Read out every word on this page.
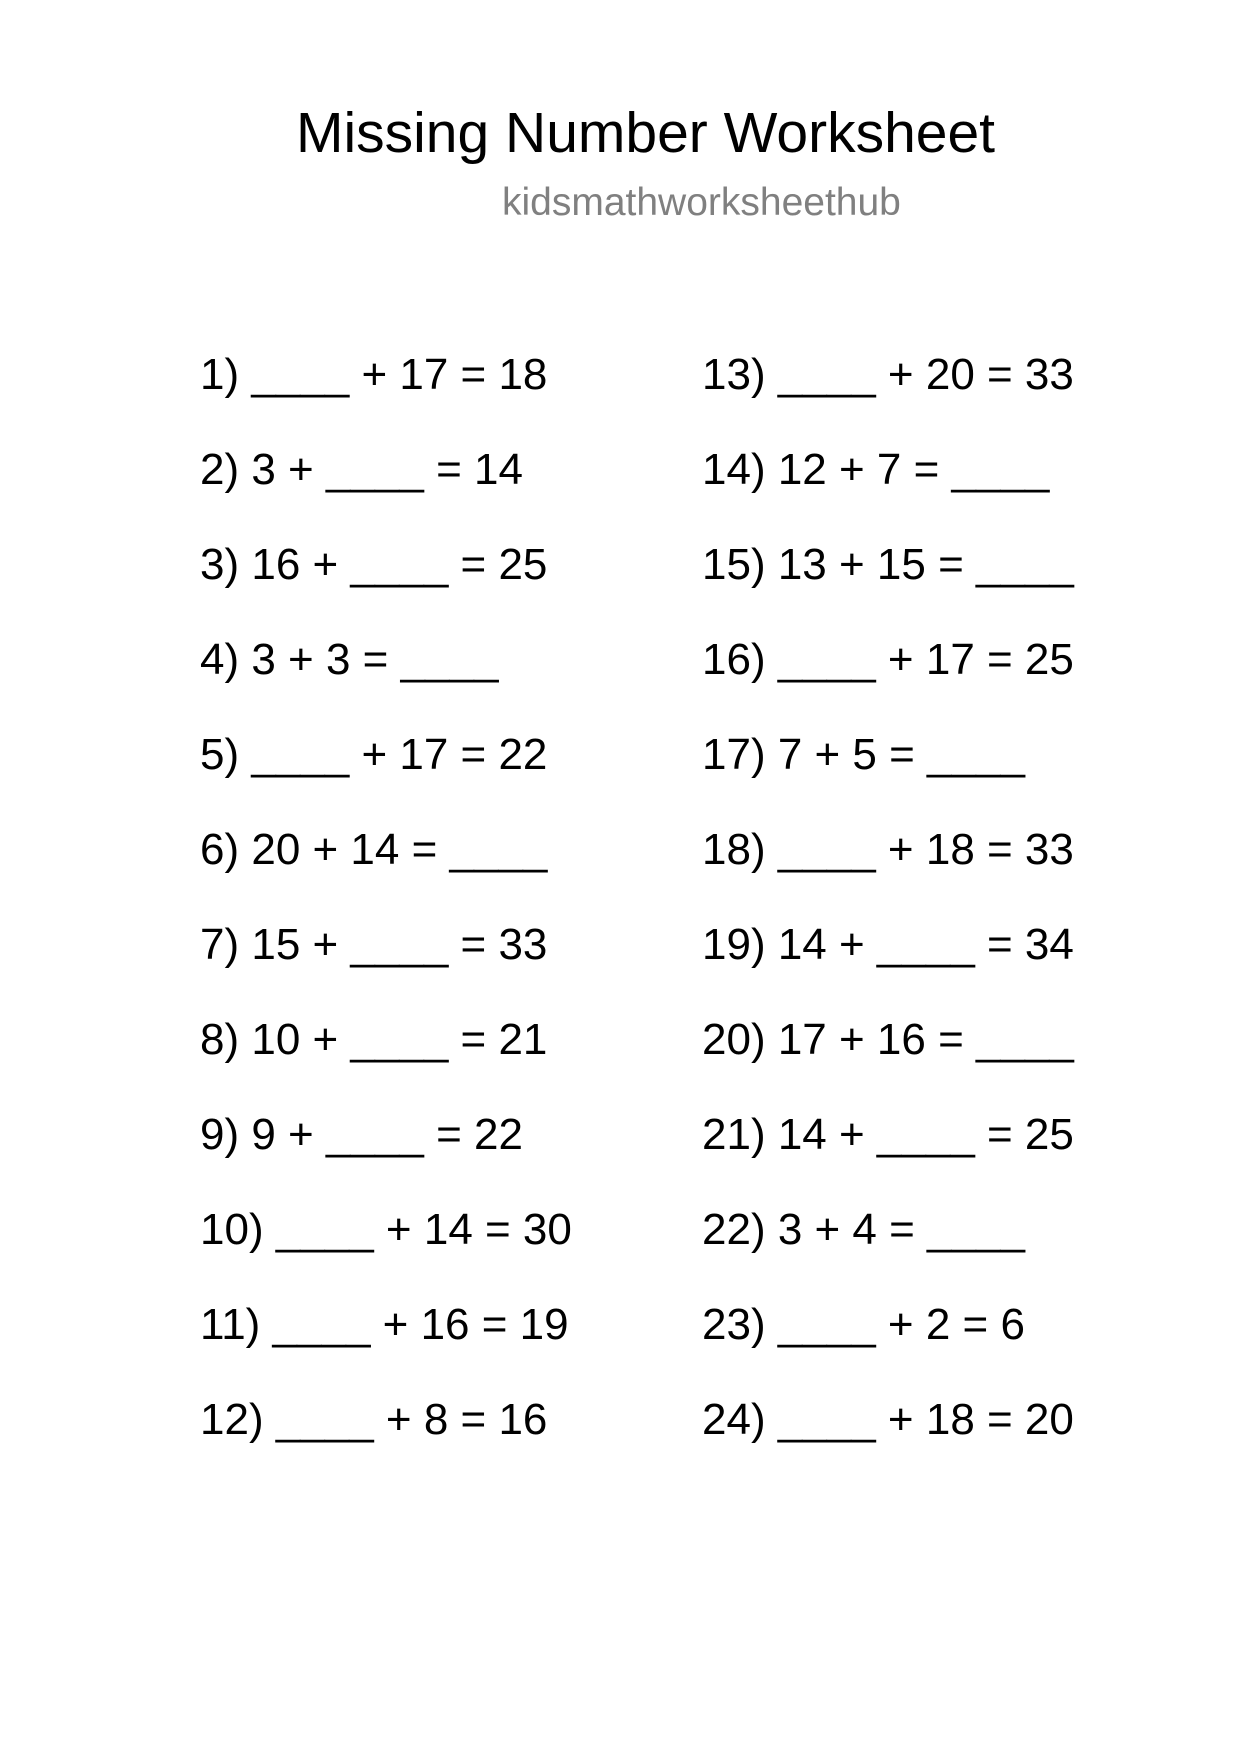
Missing Number Worksheet
kidsmathworksheethub
1) ____ + 17 = 18
2) 3 + ____ = 14
3) 16 + ____ = 25
4) 3 + 3 = ____
5) ____ + 17 = 22
6) 20 + 14 = ____
7) 15 + ____ = 33
8) 10 + ____ = 21
9) 9 + ____ = 22
10) ____ + 14 = 30
11) ____ + 16 = 19
12) ____ + 8 = 16
13) ____ + 20 = 33
14) 12 + 7 = ____
15) 13 + 15 = ____
16) ____ + 17 = 25
17) 7 + 5 = ____
18) ____ + 18 = 33
19) 14 + ____ = 34
20) 17 + 16 = ____
21) 14 + ____ = 25
22) 3 + 4 = ____
23) ____ + 2 = 6
24) ____ + 18 = 20
